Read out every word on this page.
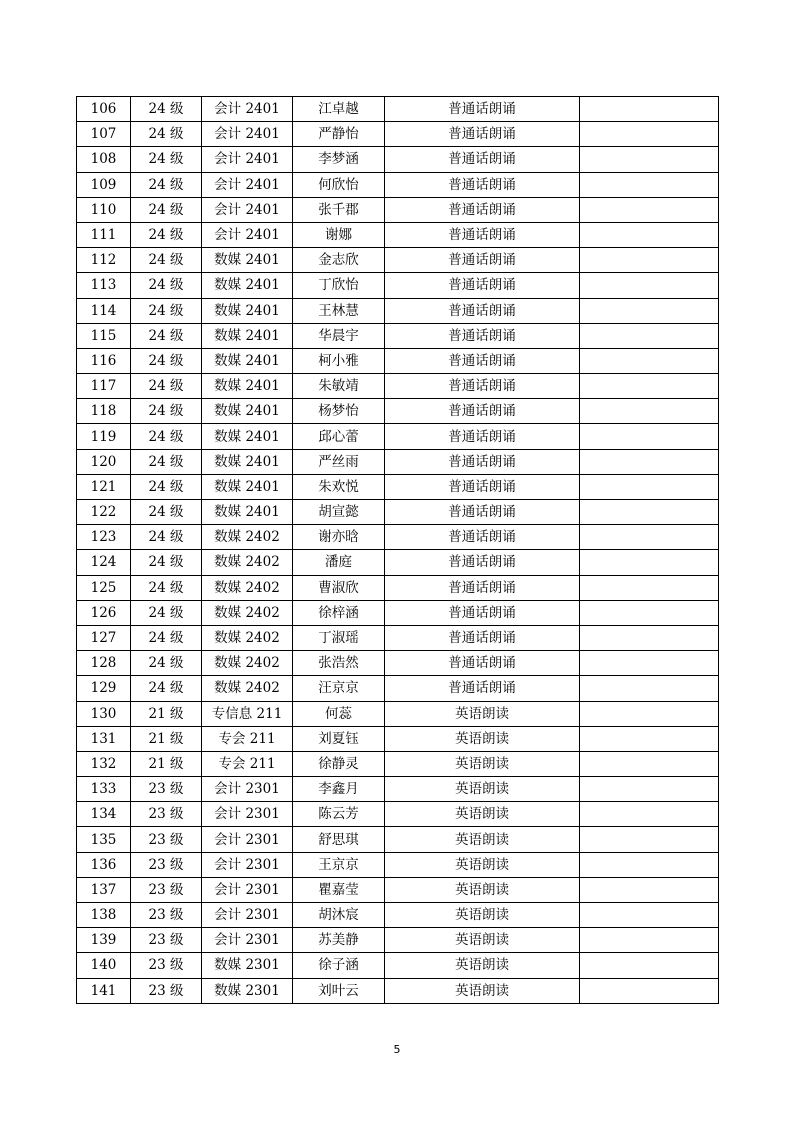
106	24 级	会计 2401	江卓越	普通话朗诵	
107	24 级	会计 2401	严静怡	普通话朗诵	
108	24 级	会计 2401	李梦涵	普通话朗诵	
109	24 级	会计 2401	何欣怡	普通话朗诵	
110	24 级	会计 2401	张千郡	普通话朗诵	
111	24 级	会计 2401	谢娜	普通话朗诵	
112	24 级	数媒 2401	金志欣	普通话朗诵	
113	24 级	数媒 2401	丁欣怡	普通话朗诵	
114	24 级	数媒 2401	王林慧	普通话朗诵	
115	24 级	数媒 2401	华晨宇	普通话朗诵	
116	24 级	数媒 2401	柯小雅	普通话朗诵	
117	24 级	数媒 2401	朱敏靖	普通话朗诵	
118	24 级	数媒 2401	杨梦怡	普通话朗诵	
119	24 级	数媒 2401	邱心蕾	普通话朗诵	
120	24 级	数媒 2401	严丝雨	普通话朗诵	
121	24 级	数媒 2401	朱欢悦	普通话朗诵	
122	24 级	数媒 2401	胡宣懿	普通话朗诵	
123	24 级	数媒 2402	谢亦晗	普通话朗诵	
124	24 级	数媒 2402	潘庭	普通话朗诵	
125	24 级	数媒 2402	曹淑欣	普通话朗诵	
126	24 级	数媒 2402	徐梓涵	普通话朗诵	
127	24 级	数媒 2402	丁淑瑶	普通话朗诵	
128	24 级	数媒 2402	张浩然	普通话朗诵	
129	24 级	数媒 2402	汪京京	普通话朗诵	
130	21 级	专信息 211	何蕊	英语朗读	
131	21 级	专会 211	刘夏钰	英语朗读	
132	21 级	专会 211	徐静灵	英语朗读	
133	23 级	会计 2301	李鑫月	英语朗读	
134	23 级	会计 2301	陈云芳	英语朗读	
135	23 级	会计 2301	舒思琪	英语朗读	
136	23 级	会计 2301	王京京	英语朗读	
137	23 级	会计 2301	瞿嘉莹	英语朗读	
138	23 级	会计 2301	胡沐宸	英语朗读	
139	23 级	会计 2301	苏美静	英语朗读	
140	23 级	数媒 2301	徐子涵	英语朗读	
141	23 级	数媒 2301	刘叶云	英语朗读	
5
